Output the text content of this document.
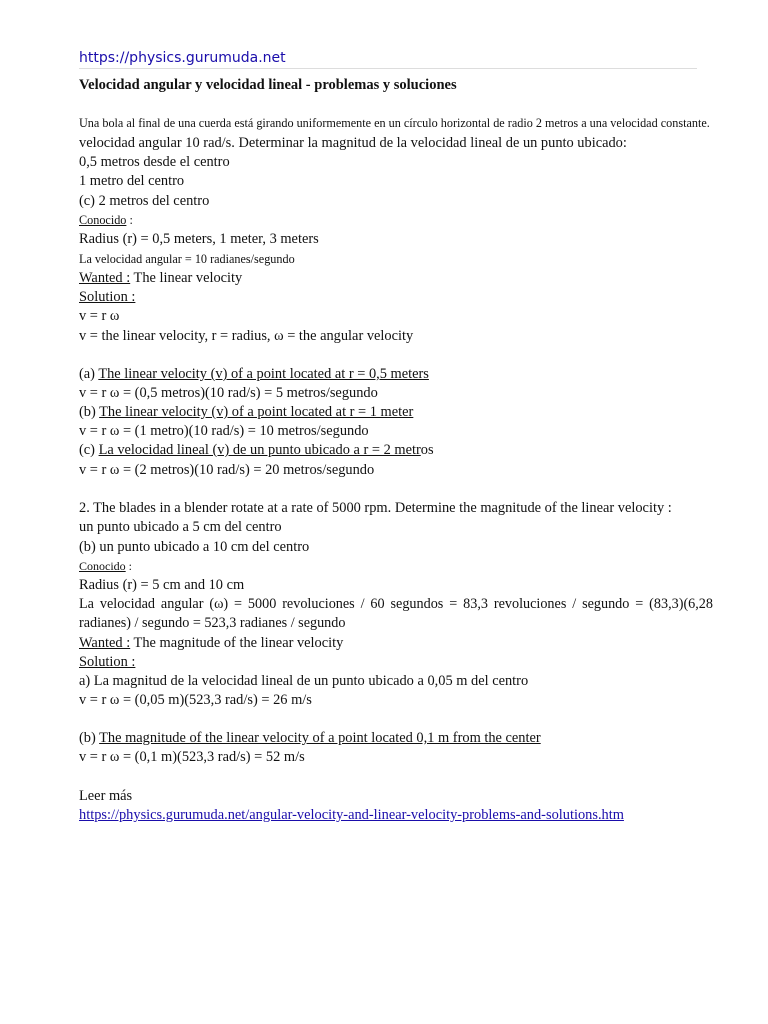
https://physics.gurumuda.net
Velocidad angular y velocidad lineal - problemas y soluciones
Una bola al final de una cuerda está girando uniformemente en un círculo horizontal de radio 2 metros a una velocidad constante.
velocidad angular 10 rad/s. Determinar la magnitud de la velocidad lineal de un punto ubicado:
0,5 metros desde el centro
1 metro del centro
(c) 2 metros del centro
Conocido :
Radius (r) = 0,5 meters, 1 meter, 3 meters
La velocidad angular = 10 radianes/segundo
Wanted : The linear velocity
Solution :
v = r ω
v = the linear velocity, r = radius, ω = the angular velocity
(a) The linear velocity (v) of a point located at r = 0,5 meters
v = r ω = (0,5 metros)(10 rad/s) = 5 metros/segundo
(b) The linear velocity (v) of a point located at r = 1 meter
v = r ω = (1 metro)(10 rad/s) = 10 metros/segundo
(c) La velocidad lineal (v) de un punto ubicado a r = 2 metros
v = r ω = (2 metros)(10 rad/s) = 20 metros/segundo
2. The blades in a blender rotate at a rate of 5000 rpm. Determine the magnitude of the linear velocity :
un punto ubicado a 5 cm del centro
(b) un punto ubicado a 10 cm del centro
Conocido :
Radius (r) = 5 cm and 10 cm
La velocidad angular (ω) = 5000 revoluciones / 60 segundos = 83,3 revoluciones / segundo = (83,3)(6,28 radianes) / segundo = 523,3 radianes / segundo
Wanted : The magnitude of the linear velocity
Solution :
a) La magnitud de la velocidad lineal de un punto ubicado a 0,05 m del centro
v = r ω = (0,05 m)(523,3 rad/s) = 26 m/s
(b) The magnitude of the linear velocity of a point located 0,1 m from the center
v = r ω = (0,1 m)(523,3 rad/s) = 52 m/s
Leer más
https://physics.gurumuda.net/angular-velocity-and-linear-velocity-problems-and-solutions.htm
